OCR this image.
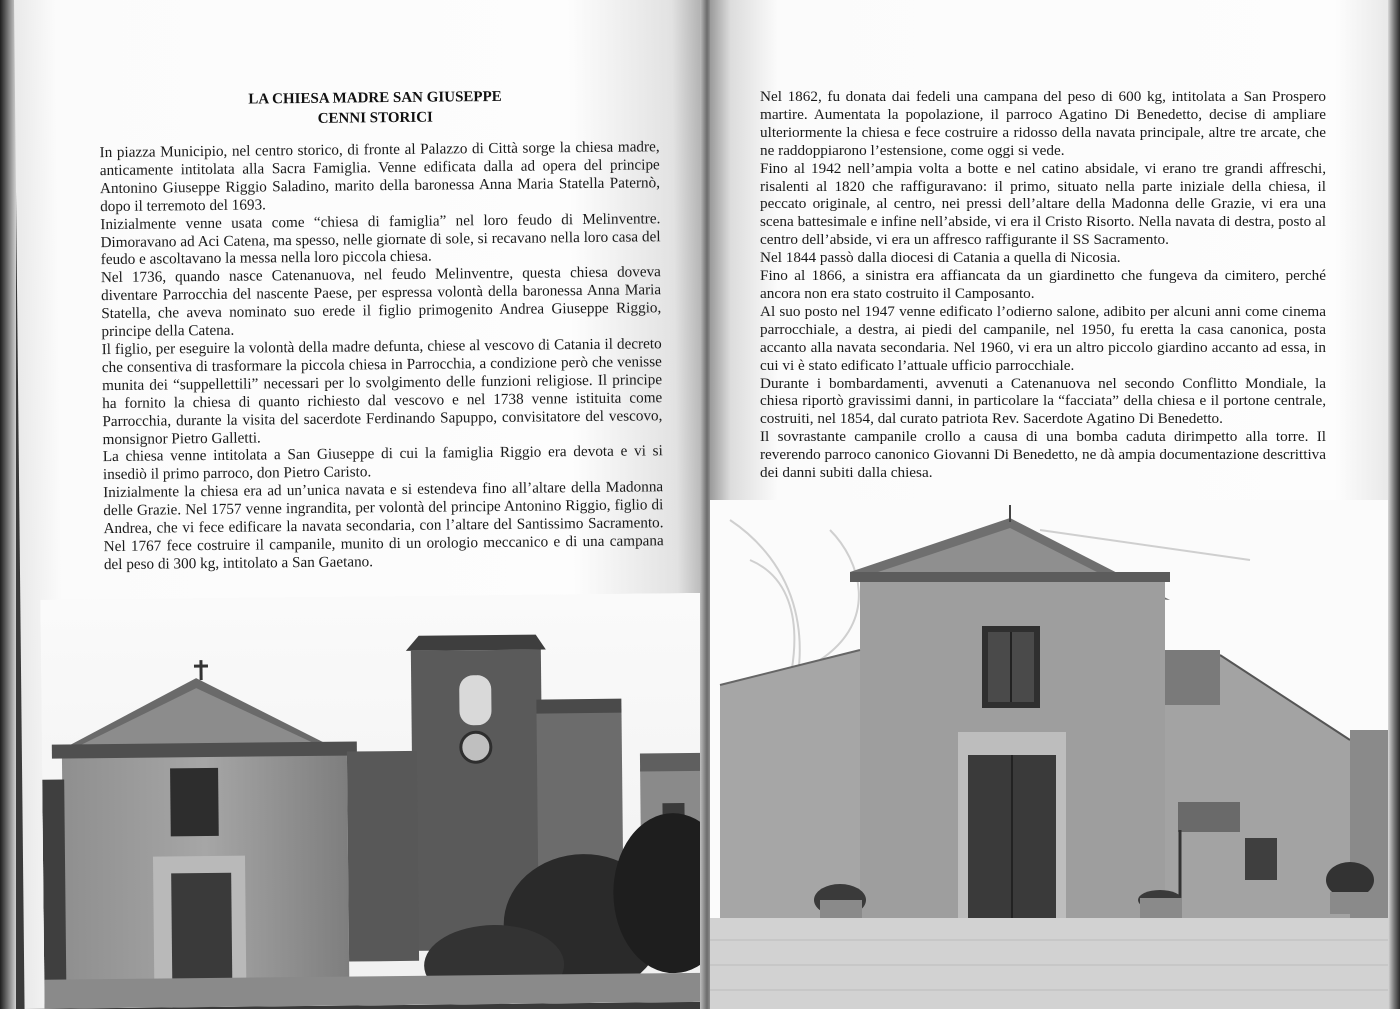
LA CHIESA MADRE SAN GIUSEPPE
CENNI STORICI

In piazza Municipio, nel centro storico, di fronte al Palazzo di Città sorge la chiesa madre, anticamente intitolata alla Sacra Famiglia. Venne edificata dalla ad opera del principe Antonino Giuseppe Riggio Saladino, marito della baronessa Anna Maria Statella Paternò, dopo il terremoto del 1693.

Inizialmente venne usata come “chiesa di famiglia” nel loro feudo di Melinventre. Dimoravano ad Aci Catena, ma spesso, nelle giornate di sole, si recavano nella loro casa del feudo e ascoltavano la messa nella loro piccola chiesa.

Nel 1736, quando nasce Catenanuova, nel feudo Melinventre, questa chiesa doveva diventare Parrocchia del nascente Paese, per espressa volontà della baronessa Anna Maria Statella, che aveva nominato suo erede il figlio primogenito Andrea Giuseppe Riggio, principe della Catena.

Il figlio, per eseguire la volontà della madre defunta, chiese al vescovo di Catania il decreto che consentiva di trasformare la piccola chiesa in Parrocchia, a condizione però che venisse munita dei “suppellettili” necessari per lo svolgimento delle funzioni religiose. Il principe ha fornito la chiesa di quanto richiesto dal vescovo e nel 1738 venne istituita come Parrocchia, durante la visita del sacerdote Ferdinando Sapuppo, convisitatore del vescovo, monsignor Pietro Galletti.

La chiesa venne intitolata a San Giuseppe di cui la famiglia Riggio era devota e vi si insediò il primo parroco, don Pietro Caristo.

Inizialmente la chiesa era ad un’unica navata e si estendeva fino all’altare della Madonna delle Grazie. Nel 1757 venne ingrandita, per volontà del principe Antonino Riggio, figlio di Andrea, che vi fece edificare la navata secondaria, con l’altare del Santissimo Sacramento. Nel 1767 fece costruire il campanile, munito di un orologio meccanico e di una campana del peso di 300 kg, intitolato a San Gaetano.

Nel 1862, fu donata dai fedeli una campana del peso di 600 kg, intitolata a San Prospero martire. Aumentata la popolazione, il parroco Agatino Di Benedetto, decise di ampliare ulteriormente la chiesa e fece costruire a ridosso della navata principale, altre tre arcate, che ne raddoppiarono l’estensione, come oggi si vede.

Fino al 1942 nell’ampia volta a botte e nel catino absidale, vi erano tre grandi affreschi, risalenti al 1820 che raffiguravano: il primo, situato nella parte iniziale della chiesa, il peccato originale, al centro, nei pressi dell’altare della Madonna delle Grazie, vi era una scena battesimale e infine nell’abside, vi era il Cristo Risorto. Nella navata di destra, posto al centro dell’abside, vi era un affresco raffigurante il SS Sacramento.

Nel 1844 passò dalla diocesi di Catania a quella di Nicosia.

Fino al 1866, a sinistra era affiancata da un giardinetto che fungeva da cimitero, perché ancora non era stato costruito il Camposanto.

Al suo posto nel 1947 venne edificato l’odierno salone, adibito per alcuni anni come cinema parrocchiale, a destra, ai piedi del campanile, nel 1950, fu eretta la casa canonica, posta accanto alla navata secondaria. Nel 1960, vi era un altro piccolo giardino accanto ad essa, in cui vi è stato edificato l’attuale ufficio parrocchiale.

Durante i bombardamenti, avvenuti a Catenanuova nel secondo Conflitto Mondiale, la chiesa riportò gravissimi danni, in particolare la “facciata” della chiesa e il portone centrale, costruiti, nel 1854, dal curato patriota Rev. Sacerdote Agatino Di Benedetto.

Il sovrastante campanile crollo a causa di una bomba caduta dirimpetto alla torre. Il reverendo parroco canonico Giovanni Di Benedetto, ne dà ampia documentazione descrittiva dei danni subiti dalla chiesa.
